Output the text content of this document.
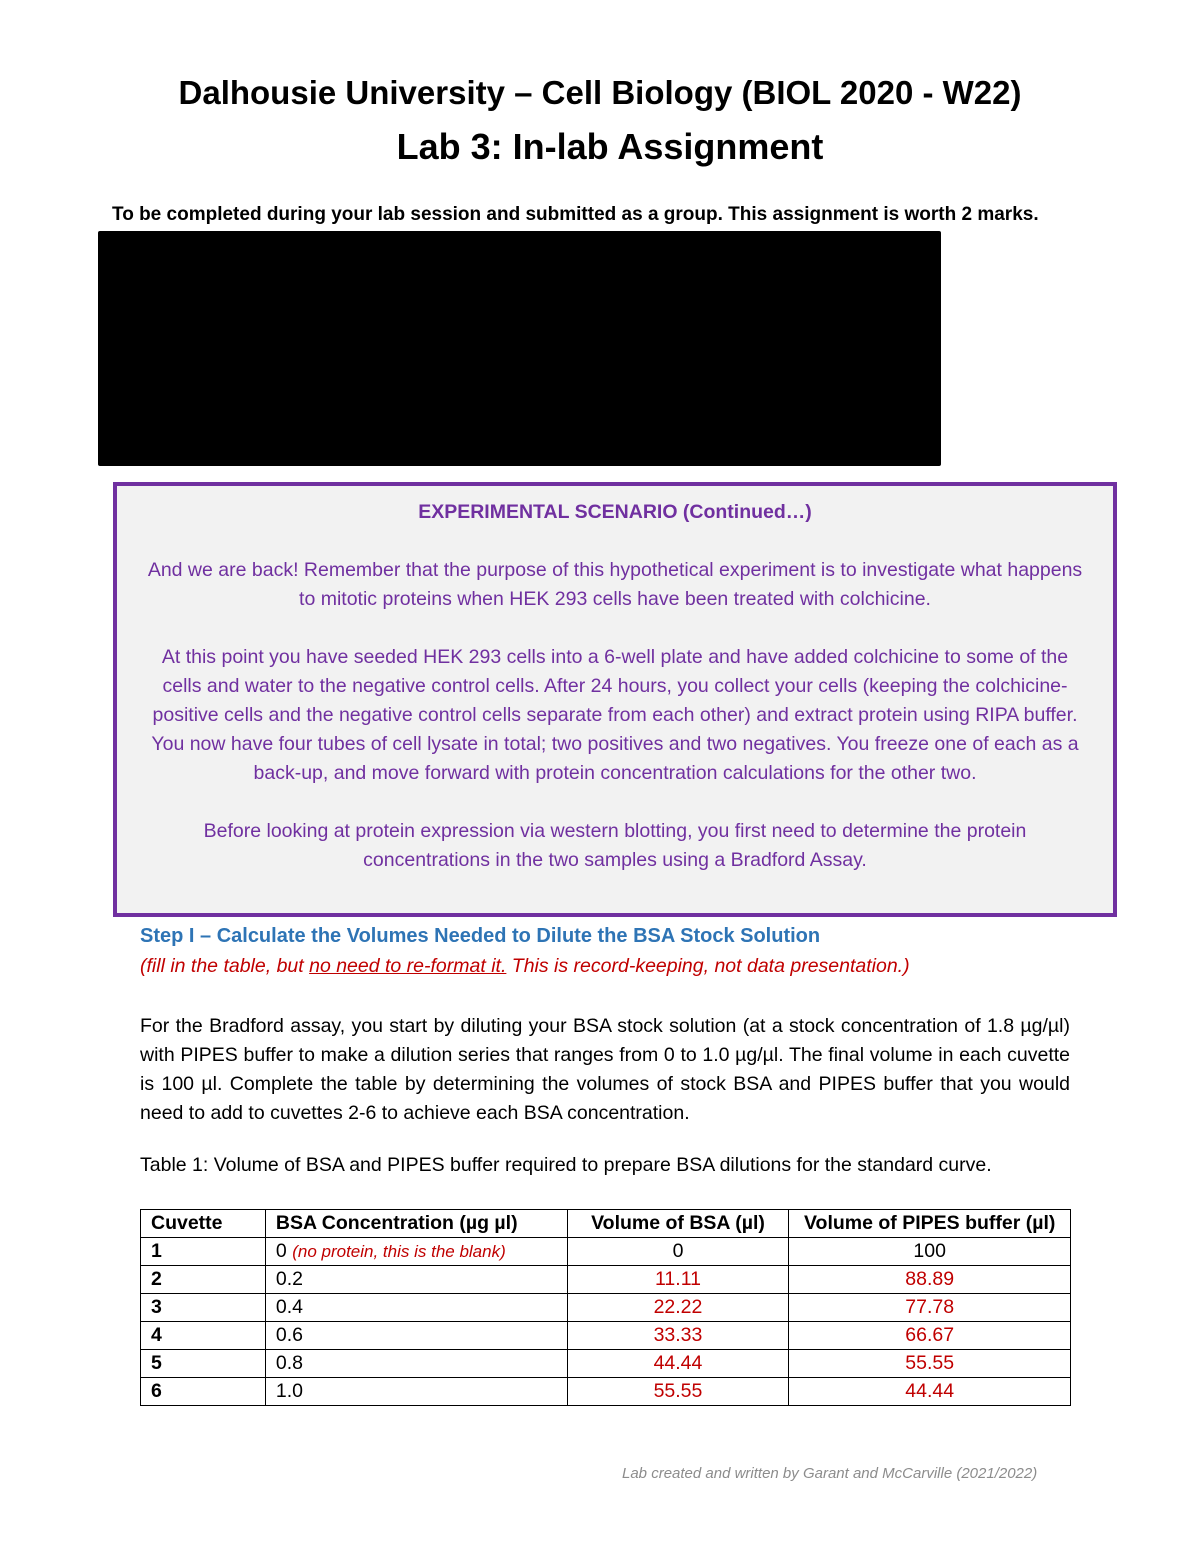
Dalhousie University – Cell Biology (BIOL 2020 - W22)
Lab 3: In-lab Assignment
To be completed during your lab session and submitted as a group. This assignment is worth 2 marks.

EXPERIMENTAL SCENARIO (Continued…)

And we are back! Remember that the purpose of this hypothetical experiment is to investigate what happens to mitotic proteins when HEK 293 cells have been treated with colchicine.

At this point you have seeded HEK 293 cells into a 6-well plate and have added colchicine to some of the cells and water to the negative control cells. After 24 hours, you collect your cells (keeping the colchicine-positive cells and the negative control cells separate from each other) and extract protein using RIPA buffer. You now have four tubes of cell lysate in total; two positives and two negatives. You freeze one of each as a back-up, and move forward with protein concentration calculations for the other two.

Before looking at protein expression via western blotting, you first need to determine the protein concentrations in the two samples using a Bradford Assay.

Step I – Calculate the Volumes Needed to Dilute the BSA Stock Solution
(fill in the table, but no need to re-format it. This is record-keeping, not data presentation.)

For the Bradford assay, you start by diluting your BSA stock solution (at a stock concentration of 1.8 µg/µl) with PIPES buffer to make a dilution series that ranges from 0 to 1.0 µg/µl. The final volume in each cuvette is 100 µl. Complete the table by determining the volumes of stock BSA and PIPES buffer that you would need to add to cuvettes 2-6 to achieve each BSA concentration.

Table 1: Volume of BSA and PIPES buffer required to prepare BSA dilutions for the standard curve.
Cuvette	BSA Concentration (µg µl)	Volume of BSA (µl)	Volume of PIPES buffer (µl)
1	0 (no protein, this is the blank)	0	100
2	0.2	11.11	88.89
3	0.4	22.22	77.78
4	0.6	33.33	66.67
5	0.8	44.44	55.55
6	1.0	55.55	44.44
Lab created and written by Garant and McCarville (2021/2022)
